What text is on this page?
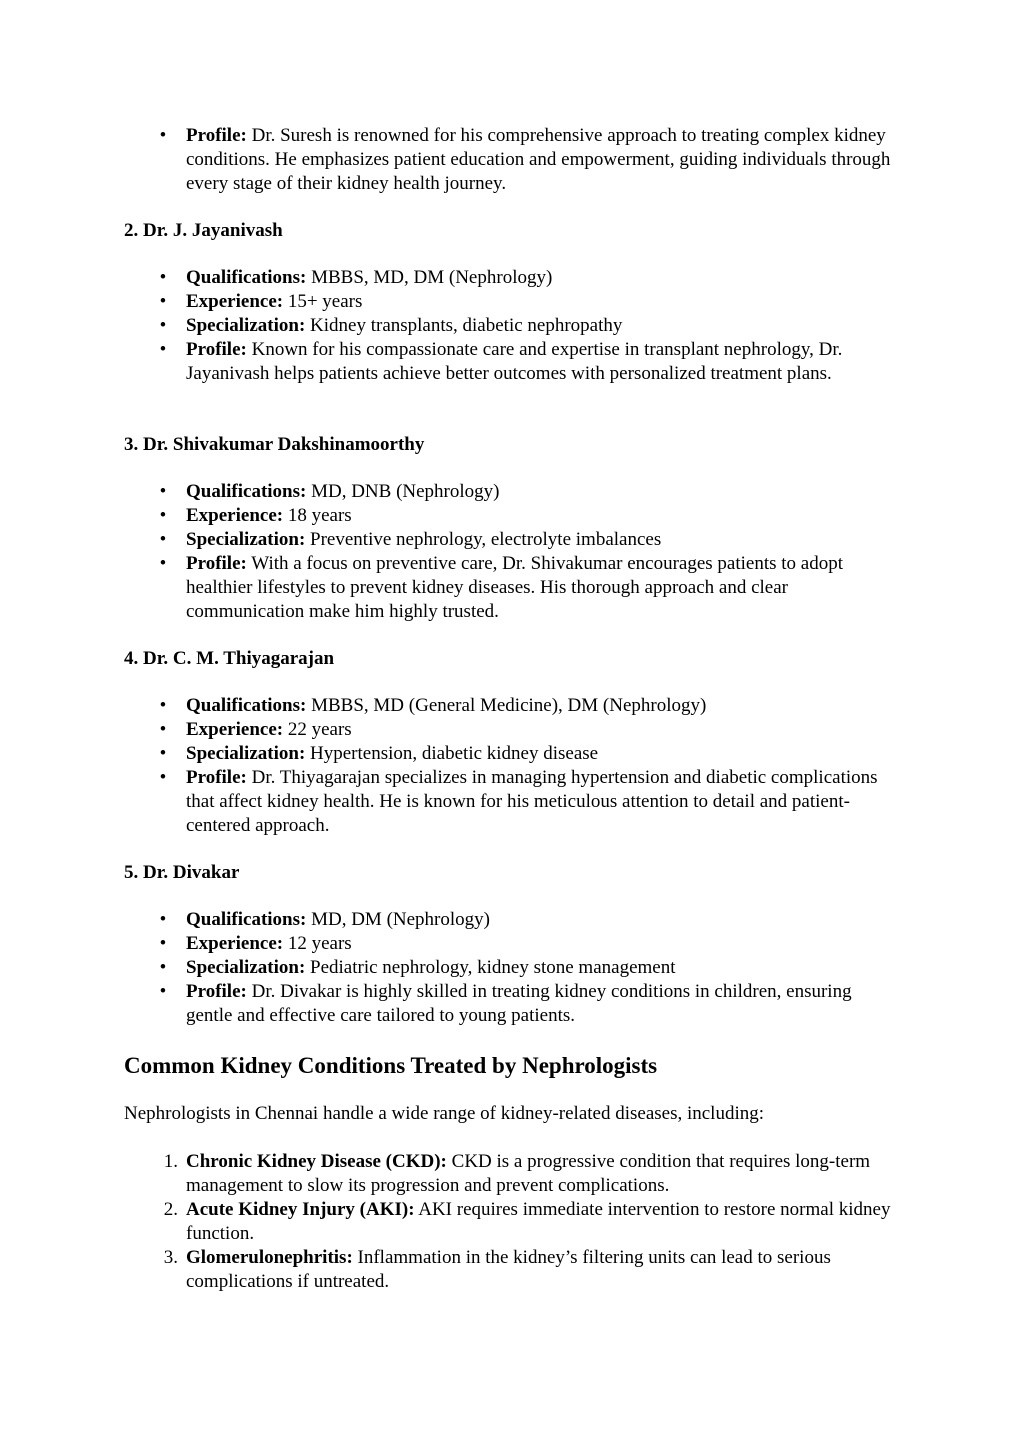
• Profile: Dr. Suresh is renowned for his comprehensive approach to treating complex kidney conditions. He emphasizes patient education and empowerment, guiding individuals through every stage of their kidney health journey.

2. Dr. J. Jayanivash

• Qualifications: MBBS, MD, DM (Nephrology)
• Experience: 15+ years
• Specialization: Kidney transplants, diabetic nephropathy
• Profile: Known for his compassionate care and expertise in transplant nephrology, Dr. Jayanivash helps patients achieve better outcomes with personalized treatment plans.

3. Dr. Shivakumar Dakshinamoorthy

• Qualifications: MD, DNB (Nephrology)
• Experience: 18 years
• Specialization: Preventive nephrology, electrolyte imbalances
• Profile: With a focus on preventive care, Dr. Shivakumar encourages patients to adopt healthier lifestyles to prevent kidney diseases. His thorough approach and clear communication make him highly trusted.

4. Dr. C. M. Thiyagarajan

• Qualifications: MBBS, MD (General Medicine), DM (Nephrology)
• Experience: 22 years
• Specialization: Hypertension, diabetic kidney disease
• Profile: Dr. Thiyagarajan specializes in managing hypertension and diabetic complications that affect kidney health. He is known for his meticulous attention to detail and patient-centered approach.

5. Dr. Divakar

• Qualifications: MD, DM (Nephrology)
• Experience: 12 years
• Specialization: Pediatric nephrology, kidney stone management
• Profile: Dr. Divakar is highly skilled in treating kidney conditions in children, ensuring gentle and effective care tailored to young patients.
Common Kidney Conditions Treated by Nephrologists

Nephrologists in Chennai handle a wide range of kidney-related diseases, including:

1. Chronic Kidney Disease (CKD): CKD is a progressive condition that requires long-term management to slow its progression and prevent complications.
2. Acute Kidney Injury (AKI): AKI requires immediate intervention to restore normal kidney function.
3. Glomerulonephritis: Inflammation in the kidney’s filtering units can lead to serious complications if untreated.
